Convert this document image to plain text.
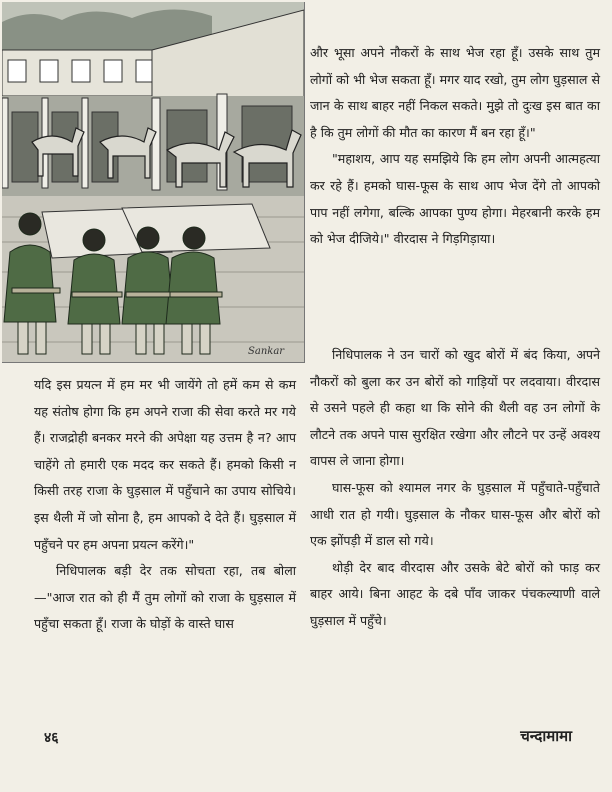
Sankar

और भूसा अपने नौकरों के साथ भेज रहा हूँ। उसके साथ तुम लोगों को भी भेज सकता हूँ। मगर याद रखो, तुम लोग घुड़साल से जान के साथ बाहर नहीं निकल सकते। मुझे तो दुःख इस बात का है कि तुम लोगों की मौत का कारण मैं बन रहा हूँ।"

"महाशय, आप यह समझिये कि हम लोग अपनी आत्महत्या कर रहे हैं। हमको घास-फूस के साथ आप भेज देंगे तो आपको पाप नहीं लगेगा, बल्कि आपका पुण्य होगा। मेहरबानी करके हम को भेज दीजिये।" वीरदास ने गिड़गिड़ाया।

निधिपालक ने उन चारों को खुद बोरों में बंद किया, अपने नौकरों को बुला कर उन बोरों को गाड़ियों पर लदवाया। वीरदास से उसने पहले ही कहा था कि सोने की थैली वह उन लोगों के लौटने तक अपने पास सुरक्षित रखेगा और लौटने पर उन्हें अवश्य वापस ले जाना होगा।

घास-फूस को श्यामल नगर के घुड़साल में पहुँचाते-पहुँचाते आधी रात हो गयी। घुड़साल के नौकर घास-फूस और बोरों को एक झोंपड़ी में डाल सो गये।

थोड़ी देर बाद वीरदास और उसके बेटे बोरों को फाड़ कर बाहर आये। बिना आहट के दबे पाँव जाकर पंचकल्याणी वाले घुड़साल में पहुँचे।

यदि इस प्रयत्न में हम मर भी जायेंगे तो हमें कम से कम यह संतोष होगा कि हम अपने राजा की सेवा करते मर गये हैं। राजद्रोही बनकर मरने की अपेक्षा यह उत्तम है न? आप चाहेंगे तो हमारी एक मदद कर सकते हैं। हमको किसी न किसी तरह राजा के घुड़साल में पहुँचाने का उपाय सोचिये। इस थैली में जो सोना है, हम आपको दे देते हैं। घुड़साल में पहुँचने पर हम अपना प्रयत्न करेंगे।"

निधिपालक बड़ी देर तक सोचता रहा, तब बोला—"आज रात को ही मैं तुम लोगों को राजा के घुड़साल में पहुँचा सकता हूँ। राजा के घोड़ों के वास्ते घास

४६	चन्दामामा
